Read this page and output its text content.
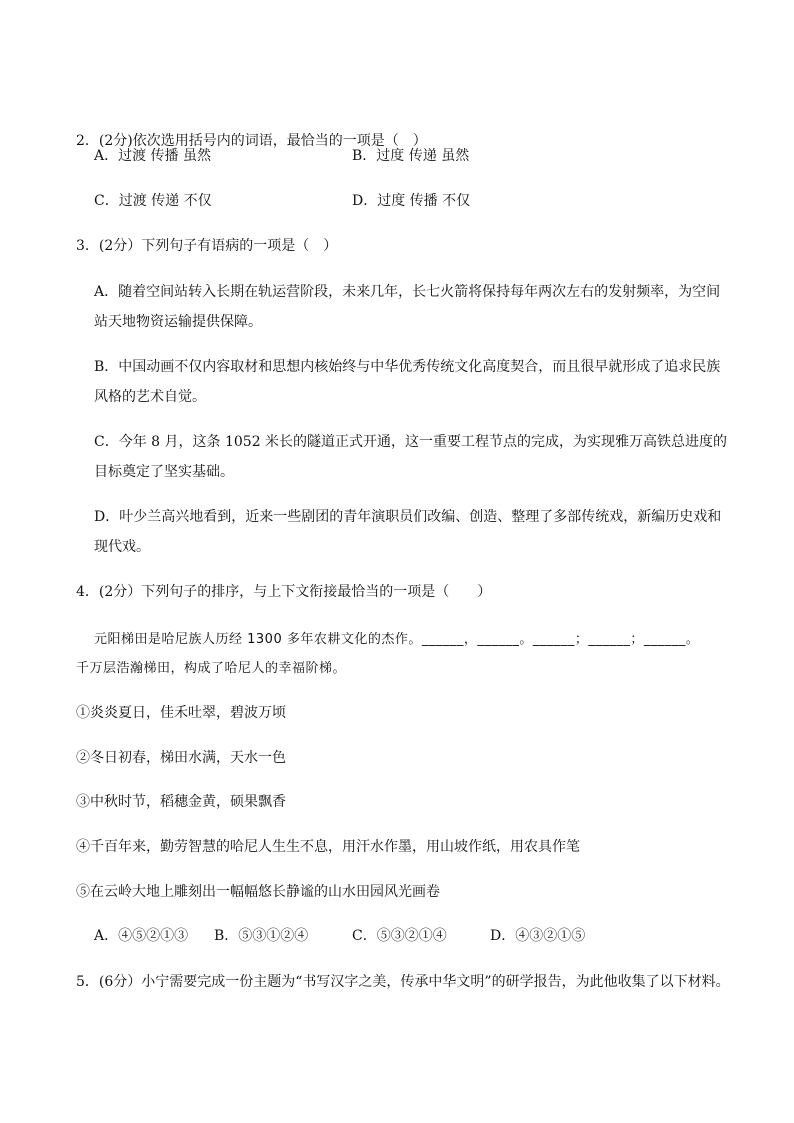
2．(2分)依次选用括号内的词语，最恰当的一项是（　）
A．过渡 传播 虽然	B．过度 传递 虽然
C．过渡 传递 不仅	D．过度 传播 不仅
3．(2分）下列句子有语病的一项是（　）
A．随着空间站转入长期在轨运营阶段，未来几年，长七火箭将保持每年两次左右的发射频率，为空间
站天地物资运输提供保障。
B．中国动画不仅内容取材和思想内核始终与中华优秀传统文化高度契合，而且很早就形成了追求民族
风格的艺术自觉。
C．今年 8 月，这条 1052 米长的隧道正式开通，这一重要工程节点的完成，为实现雅万高铁总进度的
目标奠定了坚实基础。
D．叶少兰高兴地看到，近来一些剧团的青年演职员们改编、创造、整理了多部传统戏，新编历史戏和
现代戏。
4．(2分）下列句子的排序，与上下文衔接最恰当的一项是（　　）
元阳梯田是哈尼族人历经 1300 多年农耕文化的杰作。______，______。______；______；______。
千万层浩瀚梯田，构成了哈尼人的幸福阶梯。
①炎炎夏日，佳禾吐翠，碧波万顷
②冬日初春，梯田水满，天水一色
③中秋时节，稻穗金黄，硕果飘香
④千百年来，勤劳智慧的哈尼人生生不息，用汗水作墨，用山坡作纸，用农具作笔
⑤在云岭大地上雕刻出一幅幅悠长静谧的山水田园风光画卷
A．④⑤②①③ B．⑤③①②④	C．⑤③②①④	D．④③②①⑤
5．(6分）小宁需要完成一份主题为“书写汉字之美，传承中华文明”的研学报告，为此他收集了以下材料。
